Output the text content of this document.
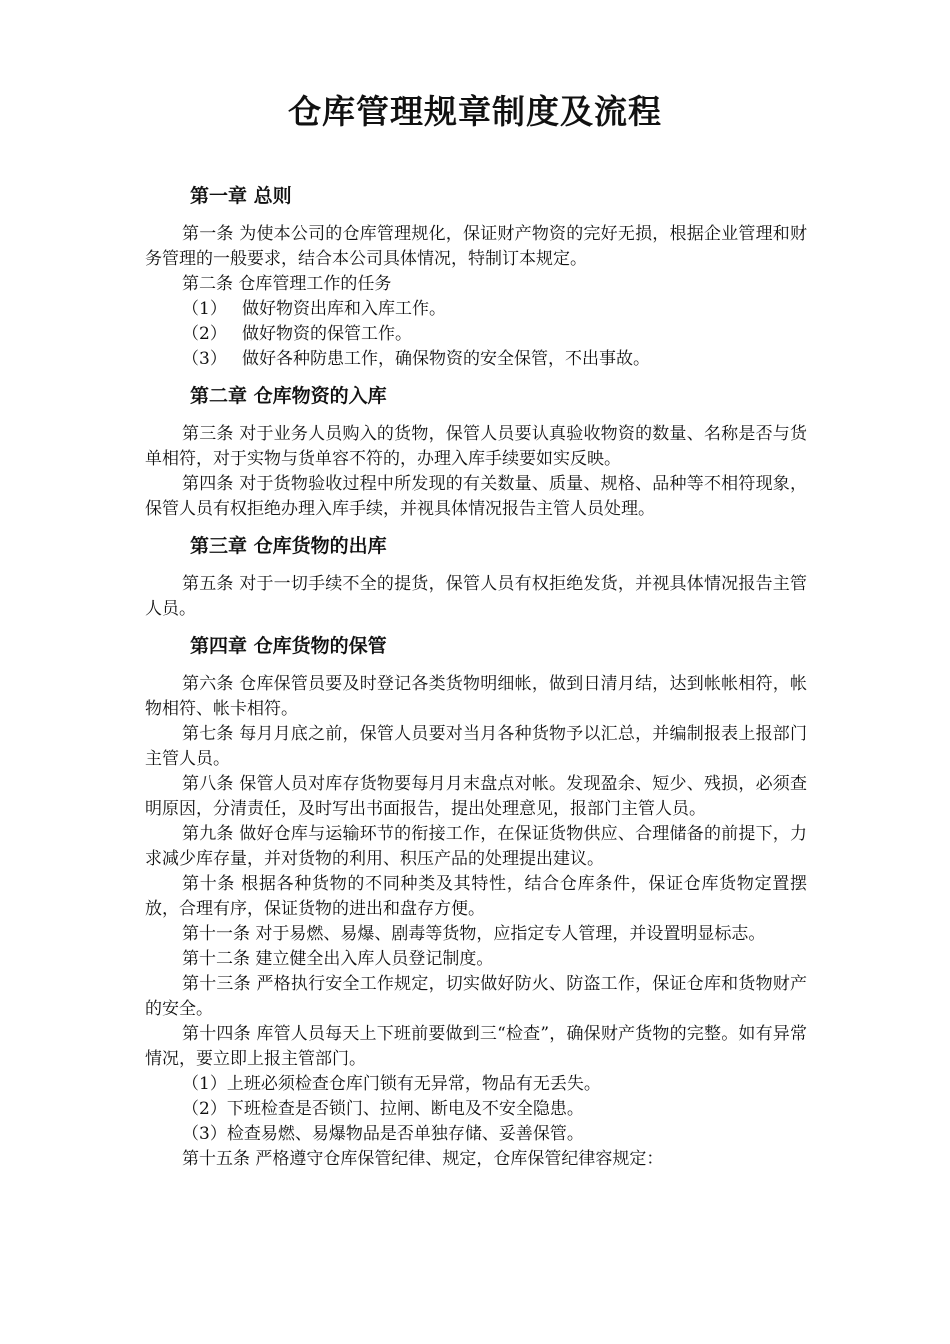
仓库管理规章制度及流程
第一章 总则

第一条 为使本公司的仓库管理规化，保证财产物资的完好无损，根据企业管理和财务管理的一般要求，结合本公司具体情况，特制订本规定。

第二条 仓库管理工作的任务

（1） 做好物资出库和入库工作。
（2） 做好物资的保管工作。
（3） 做好各种防患工作，确保物资的安全保管，不出事故。
第二章 仓库物资的入库

第三条 对于业务人员购入的货物，保管人员要认真验收物资的数量、名称是否与货单相符，对于实物与货单容不符的，办理入库手续要如实反映。

第四条 对于货物验收过程中所发现的有关数量、质量、规格、品种等不相符现象，保管人员有权拒绝办理入库手续，并视具体情况报告主管人员处理。

第三章 仓库货物的出库

第五条 对于一切手续不全的提货，保管人员有权拒绝发货，并视具体情况报告主管人员。

第四章 仓库货物的保管

第六条 仓库保管员要及时登记各类货物明细帐，做到日清月结，达到帐帐相符，帐物相符、帐卡相符。

第七条 每月月底之前，保管人员要对当月各种货物予以汇总，并编制报表上报部门主管人员。

第八条 保管人员对库存货物要每月月末盘点对帐。发现盈余、短少、残损，必须查明原因，分清责任，及时写出书面报告，提出处理意见，报部门主管人员。

第九条 做好仓库与运输环节的衔接工作，在保证货物供应、合理储备的前提下，力求减少库存量，并对货物的利用、积压产品的处理提出建议。

第十条 根据各种货物的不同种类及其特性，结合仓库条件，保证仓库货物定置摆放，合理有序，保证货物的进出和盘存方便。

第十一条 对于易燃、易爆、剧毒等货物，应指定专人管理，并设置明显标志。

第十二条 建立健全出入库人员登记制度。

第十三条 严格执行安全工作规定，切实做好防火、防盗工作，保证仓库和货物财产的安全。

第十四条 库管人员每天上下班前要做到三“检查”，确保财产货物的完整。如有异常情况，要立即上报主管部门。

（1）上班必须检查仓库门锁有无异常，物品有无丢失。
（2）下班检查是否锁门、拉闸、断电及不安全隐患。
（3）检查易燃、易爆物品是否单独存储、妥善保管。

第十五条 严格遵守仓库保管纪律、规定，仓库保管纪律容规定：
